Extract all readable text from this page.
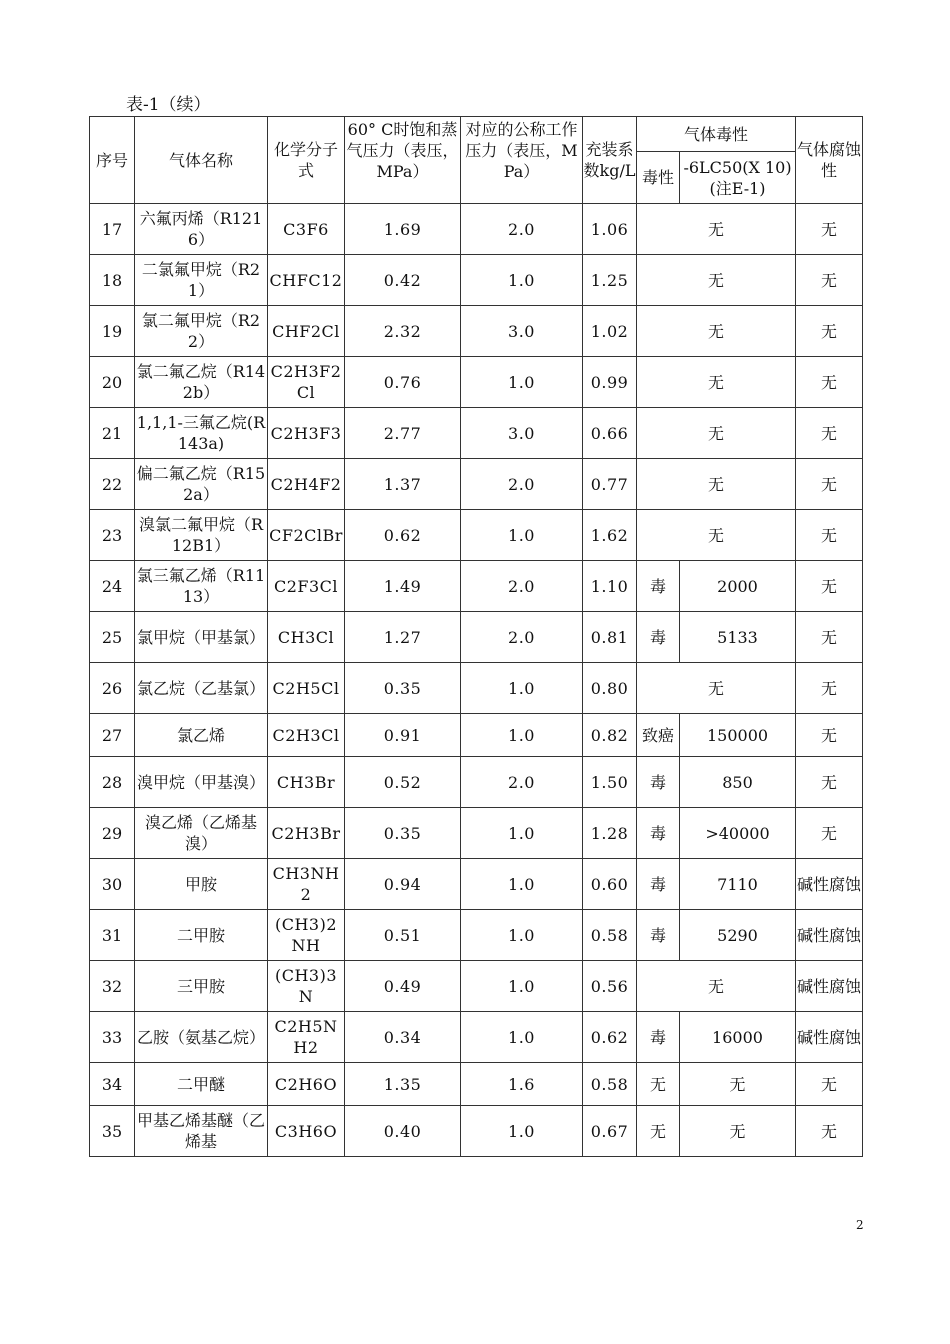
表-1（续）
序号	气体名称	化学分子式	60° C时饱和蒸气压力（表压，MPa）	对应的公称工作压力（表压，MPa）	充装系数kg/L	气体毒性		气体腐蚀性
						毒性	-6LC50(X 10)(注E-1)	

17	六氟丙烯（R1216）	C3F6	1.69	2.0	1.06	无		无

18	二氯氟甲烷（R21）	CHFC12	0.42	1.0	1.25	无		无

19	氯二氟甲烷（R22）	CHF2Cl	2.32	3.0	1.02	无		无

20	氯二氟乙烷（R142b）	C2H3F2Cl	0.76	1.0	0.99	无		无

21	1,1,1-三氟乙烷(R143a)	C2H3F3	2.77	3.0	0.66	无		无

22	偏二氟乙烷（R152a）	C2H4F2	1.37	2.0	0.77	无		无

23	溴氯二氟甲烷（R12B1）	CF2ClBr	0.62	1.0	1.62	无		无

24	氯三氟乙烯（R1113）	C2F3Cl	1.49	2.0	1.10	毒	2000	无

25	氯甲烷（甲基氯）	CH3Cl	1.27	2.0	0.81	毒	5133	无

26	氯乙烷（乙基氯）	C2H5Cl	0.35	1.0	0.80	无		无

27	氯乙烯	C2H3Cl	0.91	1.0	0.82	致癌	150000	无

28	溴甲烷（甲基溴）	CH3Br	0.52	2.0	1.50	毒	850	无

29	溴乙烯（乙烯基溴）	C2H3Br	0.35	1.0	1.28	毒	>40000	无

30	甲胺	CH3NH2	0.94	1.0	0.60	毒	7110	碱性腐蚀

31	二甲胺	(CH3)2NH	0.51	1.0	0.58	毒	5290	碱性腐蚀

32	三甲胺	(CH3)3N	0.49	1.0	0.56	无		碱性腐蚀

33	乙胺（氨基乙烷）	C2H5NH2	0.34	1.0	0.62	毒	16000	碱性腐蚀

34	二甲醚	C2H6O	1.35	1.6	0.58	无	无	无

35	甲基乙烯基醚（乙烯基	C3H6O	0.40	1.0	0.67	无	无	无
2
